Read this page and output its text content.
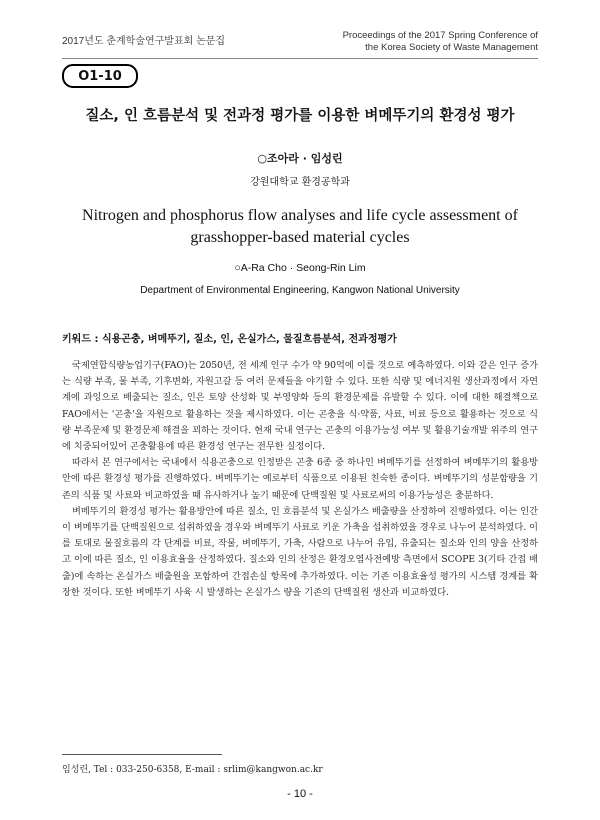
2017년도 춘계학술연구발표회 논문집
Proceedings of the 2017 Spring Conference of
the Korea Society of Waste Management
O1-10
질소, 인 흐름분석 및 전과정 평가를 이용한 벼메뚜기의 환경성 평가
○조아라 · 임성린
강원대학교 환경공학과
Nitrogen and phosphorus flow analyses and life cycle assessment of
grasshopper-based material cycles
○A-Ra Cho · Seong-Rin Lim
Department of Environmental Engineering, Kangwon National University
키워드 : 식용곤충, 벼메뚜기, 질소, 인, 온실가스, 물질흐름분석, 전과정평가

국제연합식량농업기구(FAO)는 2050년, 전 세계 인구 수가 약 90억에 이를 것으로 예측하였다. 이와 같은 인구 증가는 식량 부족, 물 부족, 기후변화, 자원고갈 등 여러 문제들을 야기할 수 있다. 또한 식량 및 에너지원 생산과정에서 자연계에 과잉으로 배출되는 질소, 인은 토양 산성화 및 부영양화 등의 환경문제를 유발할 수 있다. 이에 대한 해결책으로 FAO에서는 '곤충'을 자원으로 활용하는 것을 제시하였다. 이는 곤충을 식·약품, 사료, 비료 등으로 활용하는 것으로 식량 부족문제 및 환경문제 해결을 꾀하는 것이다. 현재 국내 연구는 곤충의 이용가능성 여부 및 활용기술개발 위주의 연구에 치중되어있어 곤충활용에 따른 환경성 연구는 전무한 실정이다.

따라서 본 연구에서는 국내에서 식용곤충으로 인정받은 곤충 6종 중 하나인 벼메뚜기를 선정하여 벼메뚜기의 활용방안에 따른 환경성 평가를 진행하였다. 벼메뚜기는 예로부터 식품으로 이용된 친숙한 종이다. 벼메뚜기의 성분함량을 기존의 식품 및 사료와 비교하였을 때 유사하거나 높기 때문에 단백질원 및 사료로써의 이용가능성은 충분하다.

벼메뚜기의 환경성 평가는 활용방안에 따른 질소, 인 흐름분석 및 온실가스 배출량을 산정하여 진행하였다. 이는 인간이 벼메뚜기를 단백질원으로 섭취하였을 경우와 벼메뚜기 사료로 키운 가축을 섭취하였을 경우로 나누어 분석하였다. 이를 토대로 물질흐름의 각 단계를 비료, 작물, 벼메뚜기, 가축, 사람으로 나누어 유입, 유출되는 질소와 인의 양을 산정하고 이에 따른 질소, 인 이용효율을 산정하였다. 질소와 인의 산정은 환경오염사전예방 측면에서 SCOPE 3(기타 간접 배출)에 속하는 온실가스 배출원을 포함하여 간접손실 항목에 추가하였다. 이는 기존 이용효율성 평가의 시스템 경계를 확장한 것이다. 또한 벼메뚜기 사육 시 발생하는 온실가스 량을 기존의 단백질원 생산과 비교하였다.

임성린, Tel : 033-250-6358, E-mail : srlim@kangwon.ac.kr
- 10 -
